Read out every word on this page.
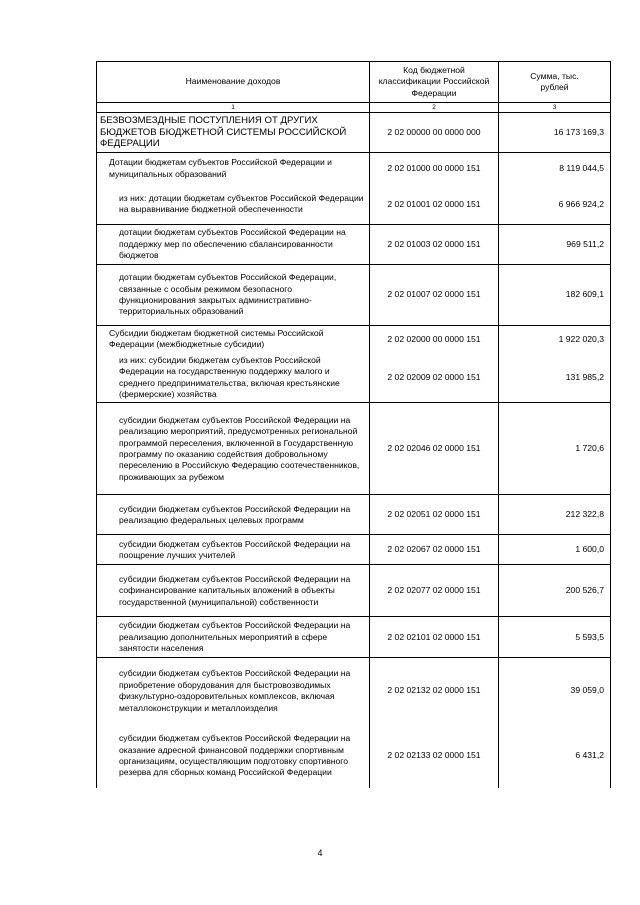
Наименование доходов	Код бюджетной классификации Российской Федерации	Сумма, тыс. рублей
1	2	3
БЕЗВОЗМЕЗДНЫЕ ПОСТУПЛЕНИЯ ОТ ДРУГИХ БЮДЖЕТОВ БЮДЖЕТНОЙ СИСТЕМЫ РОССИЙСКОЙ ФЕДЕРАЦИИ	2 02 00000 00 0000 000	16 173 169,3
Дотации бюджетам субъектов Российской Федерации и муниципальных образований	2 02 01000 00 0000 151	8 119 044,5
из них: дотации бюджетам субъектов Российской Федерации на выравнивание бюджетной обеспеченности	2 02 01001 02 0000 151	6 966 924,2
дотации бюджетам субъектов Российской Федерации на поддержку мер по обеспечению сбалансированности бюджетов	2 02 01003 02 0000 151	969 511,2
дотации бюджетам субъектов Российской Федерации, связанные с особым режимом безопасного функционирования закрытых административно-территориальных образований	2 02 01007 02 0000 151	182 609,1
Субсидии бюджетам бюджетной системы Российской Федерации (межбюджетные субсидии)	2 02 02000 00 0000 151	1 922 020,3
из них: субсидии бюджетам субъектов Российской Федерации на государственную поддержку малого и среднего предпринимательства, включая крестьянские (фермерские) хозяйства	2 02 02009 02 0000 151	131 985,2
субсидии бюджетам субъектов Российской Федерации на реализацию мероприятий, предусмотренных региональной программой переселения, включенной в Государственную программу по оказанию содействия добровольному переселению в Российскую Федерацию соотечественников, проживающих за рубежом	2 02 02046 02 0000 151	1 720,6
субсидии бюджетам субъектов Российской Федерации на реализацию федеральных целевых программ	2 02 02051 02 0000 151	212 322,8
субсидии бюджетам субъектов Российской Федерации на поощрение лучших учителей	2 02 02067 02 0000 151	1 600,0
субсидии бюджетам субъектов Российской Федерации на софинансирование капитальных вложений в объекты государственной (муниципальной) собственности	2 02 02077 02 0000 151	200 526,7
субсидии бюджетам субъектов Российской Федерации на реализацию дополнительных мероприятий в сфере занятости населения	2 02 02101 02 0000 151	5 593,5
субсидии бюджетам субъектов Российской Федерации на приобретение оборудования для быстровозводимых физкультурно-оздоровительных комплексов, включая металлоконструкции и металлоизделия	2 02 02132 02 0000 151	39 059,0
субсидии бюджетам субъектов Российской Федерации на оказание адресной финансовой поддержки спортивным организациям, осуществляющим подготовку спортивного резерва для сборных команд Российской Федерации	2 02 02133 02 0000 151	6 431,2
4
